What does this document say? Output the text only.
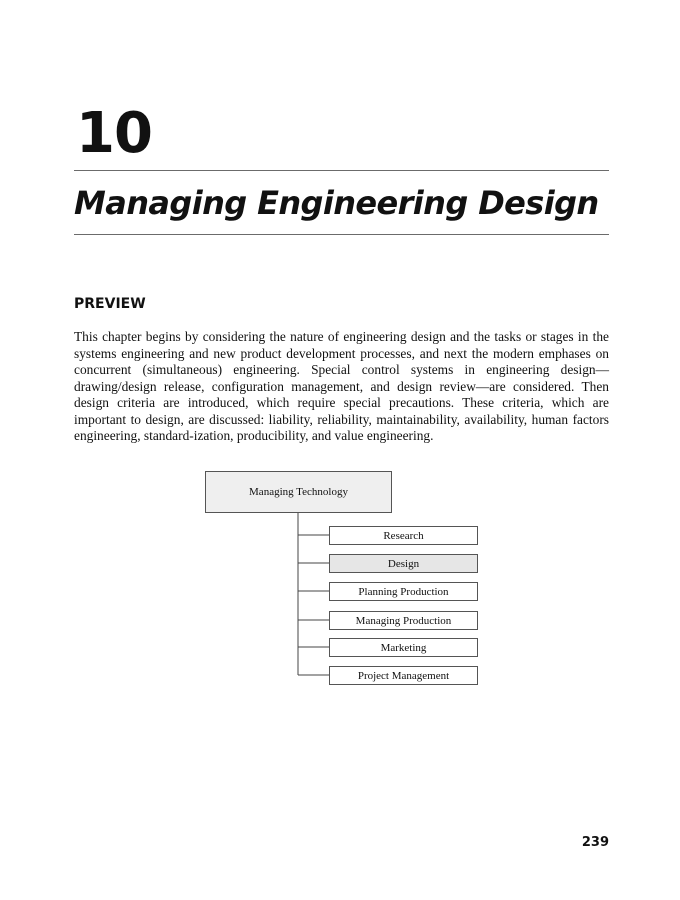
10
Managing Engineering Design
PREVIEW

This chapter begins by considering the nature of engineering design and the tasks or stages in the systems engineering and new product development processes, and next the modern emphases on concurrent (simultaneous) engineering. Special control systems in engineering design—drawing/design release, configuration management, and design review—are considered. Then design criteria are introduced, which require special precautions. These criteria, which are important to design, are discussed: liability, reliability, maintainability, availability, human factors engineering, standard-ization, producibility, and value engineering.

Managing Technology
Research
Design
Planning Production
Managing Production
Marketing
Project Management
239
